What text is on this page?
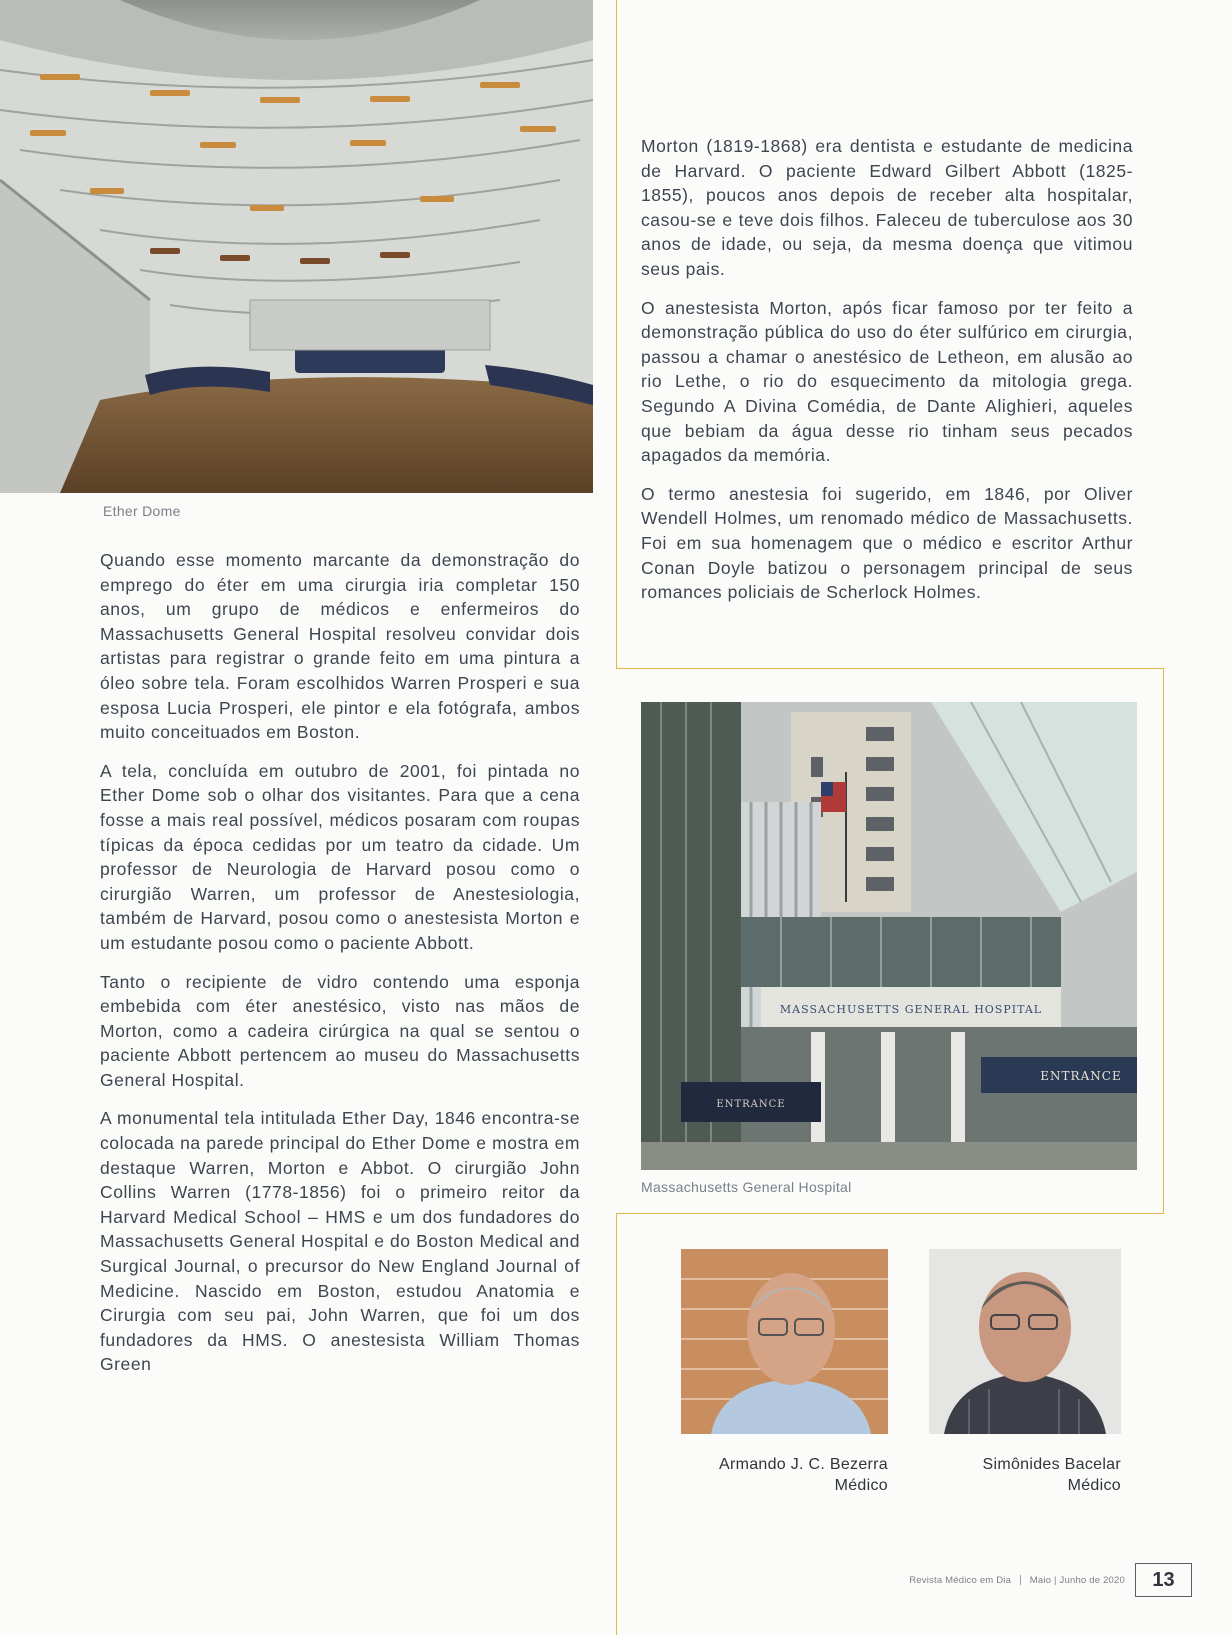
Ether Dome

Quando esse momento marcante da demonstração do emprego do éter em uma cirurgia iria completar 150 anos, um grupo de médicos e enfermeiros do Massachusetts General Hospital resolveu convidar dois artistas para registrar o grande feito em uma pintura a óleo sobre tela. Foram escolhidos Warren Prosperi e sua esposa Lucia Prosperi, ele pintor e ela fotógrafa, ambos muito conceituados em Boston.

A tela, concluída em outubro de 2001, foi pintada no Ether Dome sob o olhar dos visitantes. Para que a cena fosse a mais real possível, médicos posaram com roupas típicas da época cedidas por um teatro da cidade. Um professor de Neurologia de Harvard posou como o cirurgião Warren, um professor de Anestesiologia, também de Harvard, posou como o anestesista Morton e um estudante posou como o paciente Abbott.

Tanto o recipiente de vidro contendo uma esponja embebida com éter anestésico, visto nas mãos de Morton, como a cadeira cirúrgica na qual se sentou o paciente Abbott pertencem ao museu do Massachusetts General Hospital.

A monumental tela intitulada Ether Day, 1846 encontra-se colocada na parede principal do Ether Dome e mostra em destaque Warren, Morton e Abbot. O cirurgião John Collins Warren (1778-1856) foi o primeiro reitor da Harvard Medical School – HMS e um dos fundadores do Massachusetts General Hospital e do Boston Medical and Surgical Journal, o precursor do New England Journal of Medicine. Nascido em Boston, estudou Anatomia e Cirurgia com seu pai, John Warren, que foi um dos fundadores da HMS. O anestesista William Thomas Green

Morton (1819-1868) era dentista e estudante de medicina de Harvard. O paciente Edward Gilbert Abbott (1825-1855), poucos anos depois de receber alta hospitalar, casou-se e teve dois filhos. Faleceu de tuberculose aos 30 anos de idade, ou seja, da mesma doença que vitimou seus pais.

O anestesista Morton, após ficar famoso por ter feito a demonstração pública do uso do éter sulfúrico em cirurgia, passou a chamar o anestésico de Letheon, em alusão ao rio Lethe, o rio do esquecimento da mitologia grega. Segundo A Divina Comédia, de Dante Alighieri, aqueles que bebiam da água desse rio tinham seus pecados apagados da memória.

O termo anestesia foi sugerido, em 1846, por Oliver Wendell Holmes, um renomado médico de Massachusetts. Foi em sua homenagem que o médico e escritor Arthur Conan Doyle batizou o personagem principal de seus romances policiais de Scherlock Holmes.

MASSACHUSETTS GENERAL HOSPITAL
ENTRANCE
ENTRANCE
Massachusetts General Hospital
Armando J. C. Bezerra
Médico
Simônides Bacelar
Médico
Revista Médico em Dia Maio | Junho de 2020	13
